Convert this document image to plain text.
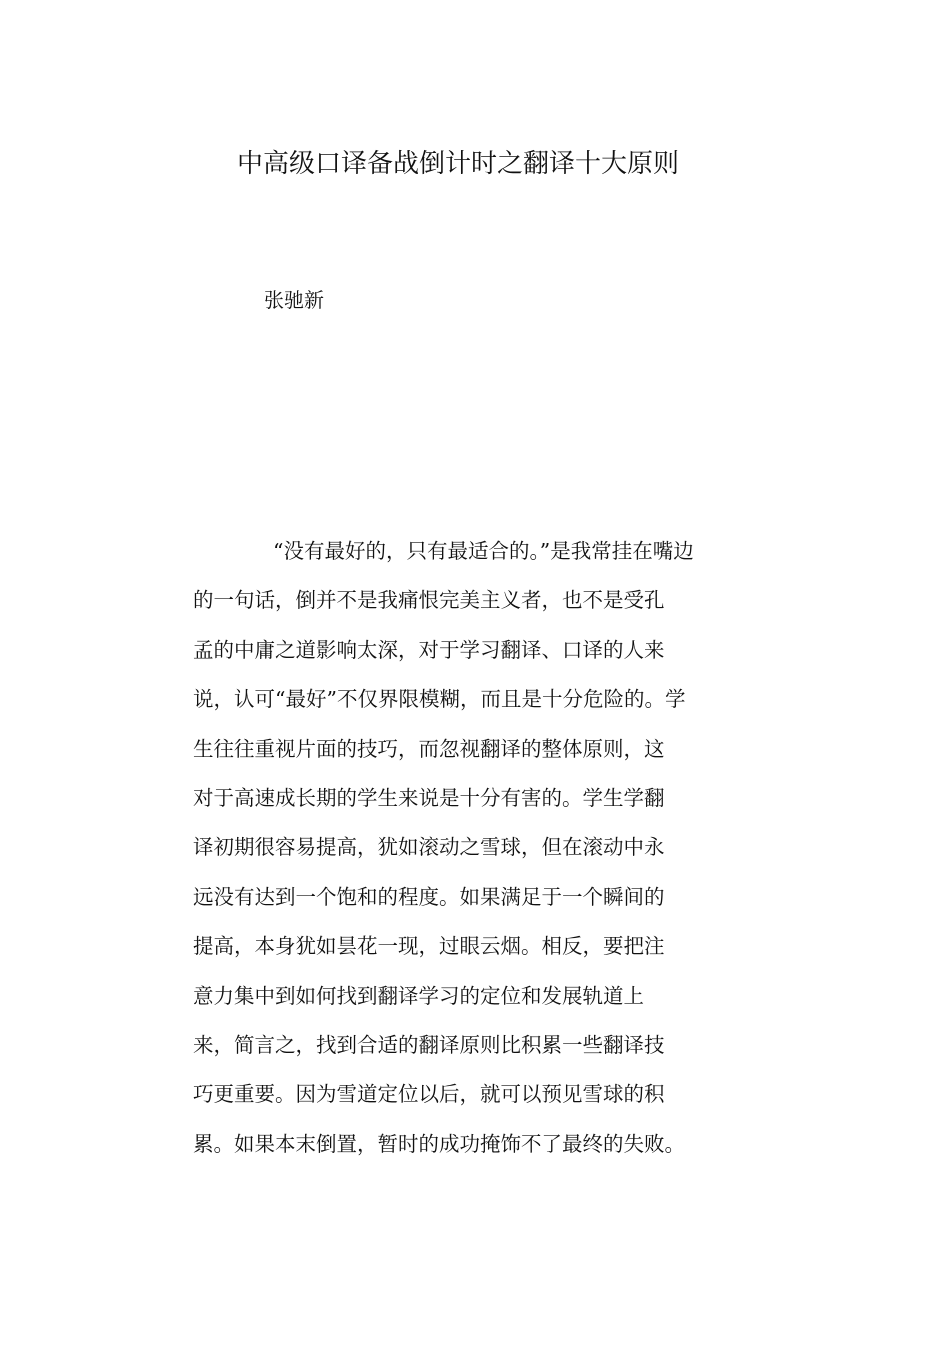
中高级口译备战倒计时之翻译十大原则
张驰新
“没有最好的，只有最适合的。”是我常挂在嘴边
的一句话，倒并不是我痛恨完美主义者，也不是受孔
孟的中庸之道影响太深，对于学习翻译、口译的人来
说，认可“最好”不仅界限模糊，而且是十分危险的。学
生往往重视片面的技巧，而忽视翻译的整体原则，这
对于高速成长期的学生来说是十分有害的。学生学翻
译初期很容易提高，犹如滚动之雪球，但在滚动中永
远没有达到一个饱和的程度。如果满足于一个瞬间的
提高，本身犹如昙花一现，过眼云烟。相反，要把注
意力集中到如何找到翻译学习的定位和发展轨道上
来，简言之，找到合适的翻译原则比积累一些翻译技
巧更重要。因为雪道定位以后，就可以预见雪球的积
累。如果本末倒置，暂时的成功掩饰不了最终的失败。
